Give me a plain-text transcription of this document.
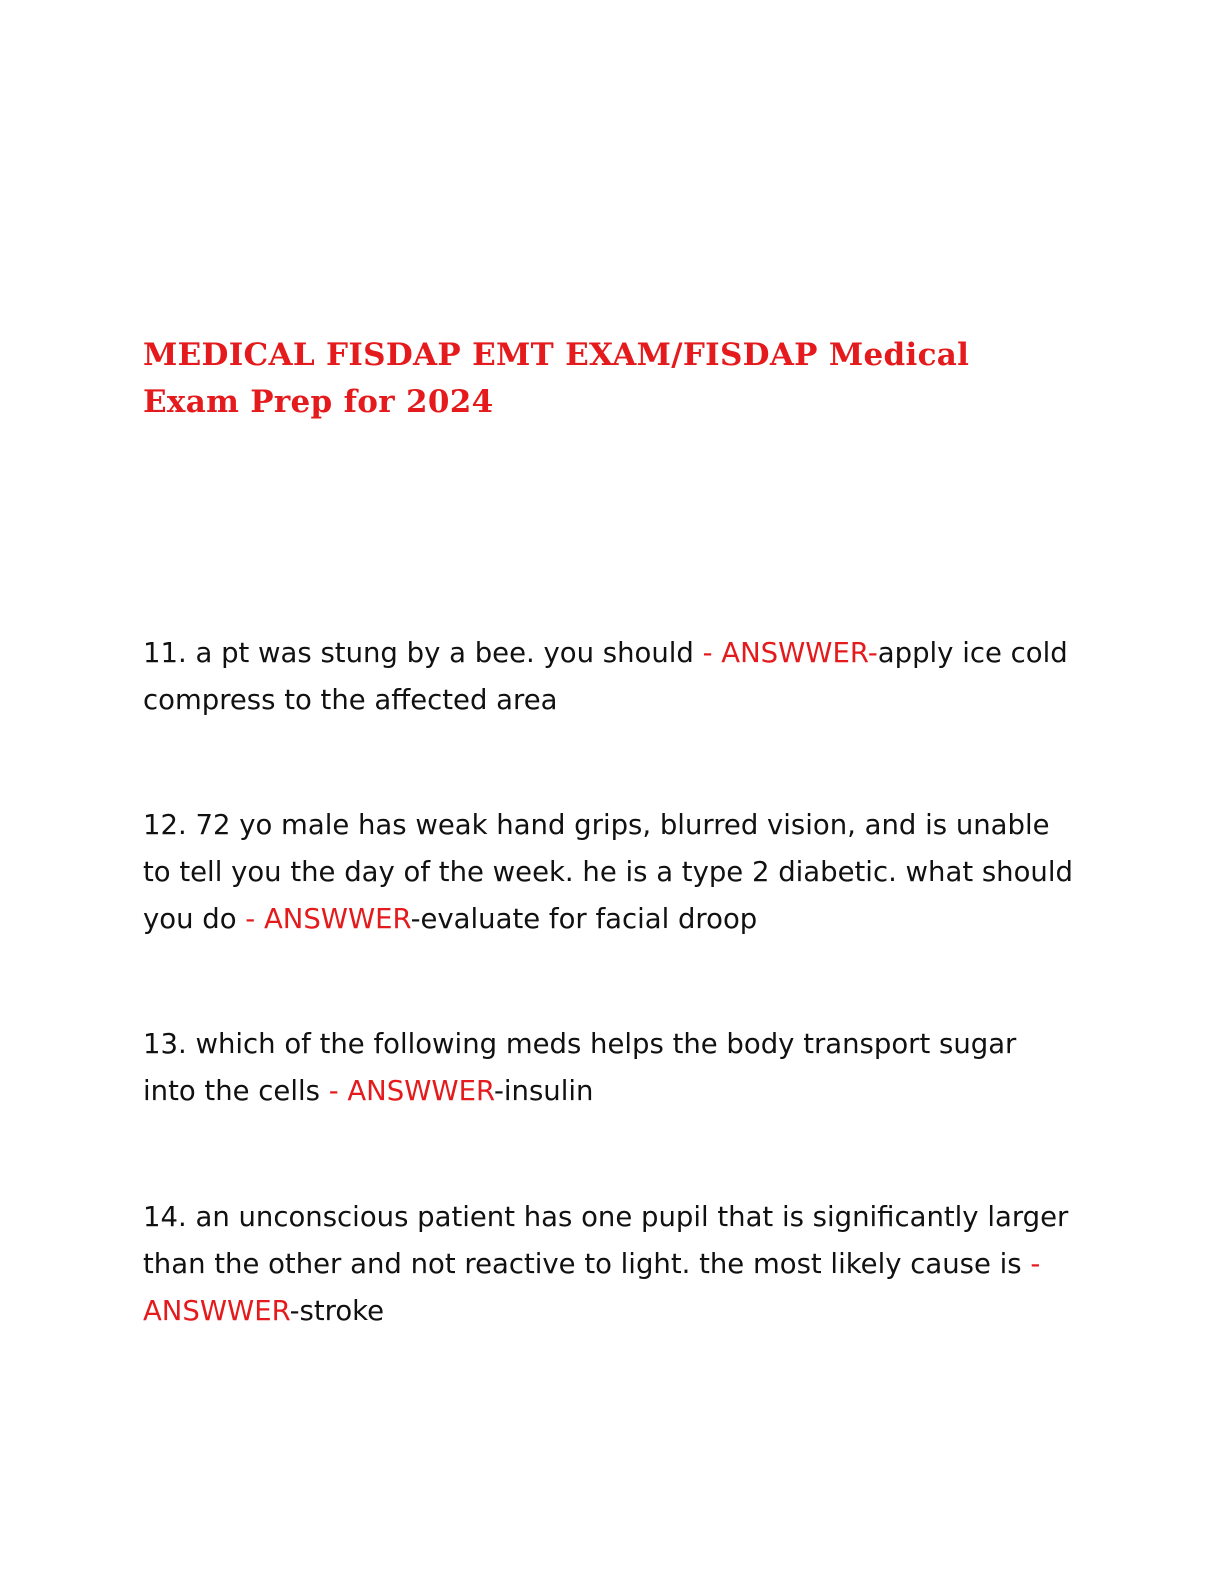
MEDICAL FISDAP EMT EXAM/FISDAP Medical Exam Prep for 2024

11. a pt was stung by a bee. you should - ANSWWER-apply ice cold compress to the affected area

12. 72 yo male has weak hand grips, blurred vision, and is unable to tell you the day of the week. he is a type 2 diabetic. what should you do - ANSWWER-evaluate for facial droop

13. which of the following meds helps the body transport sugar into the cells - ANSWWER-insulin

14. an unconscious patient has one pupil that is significantly larger than the other and not reactive to light. the most likely cause is - ANSWWER-stroke
